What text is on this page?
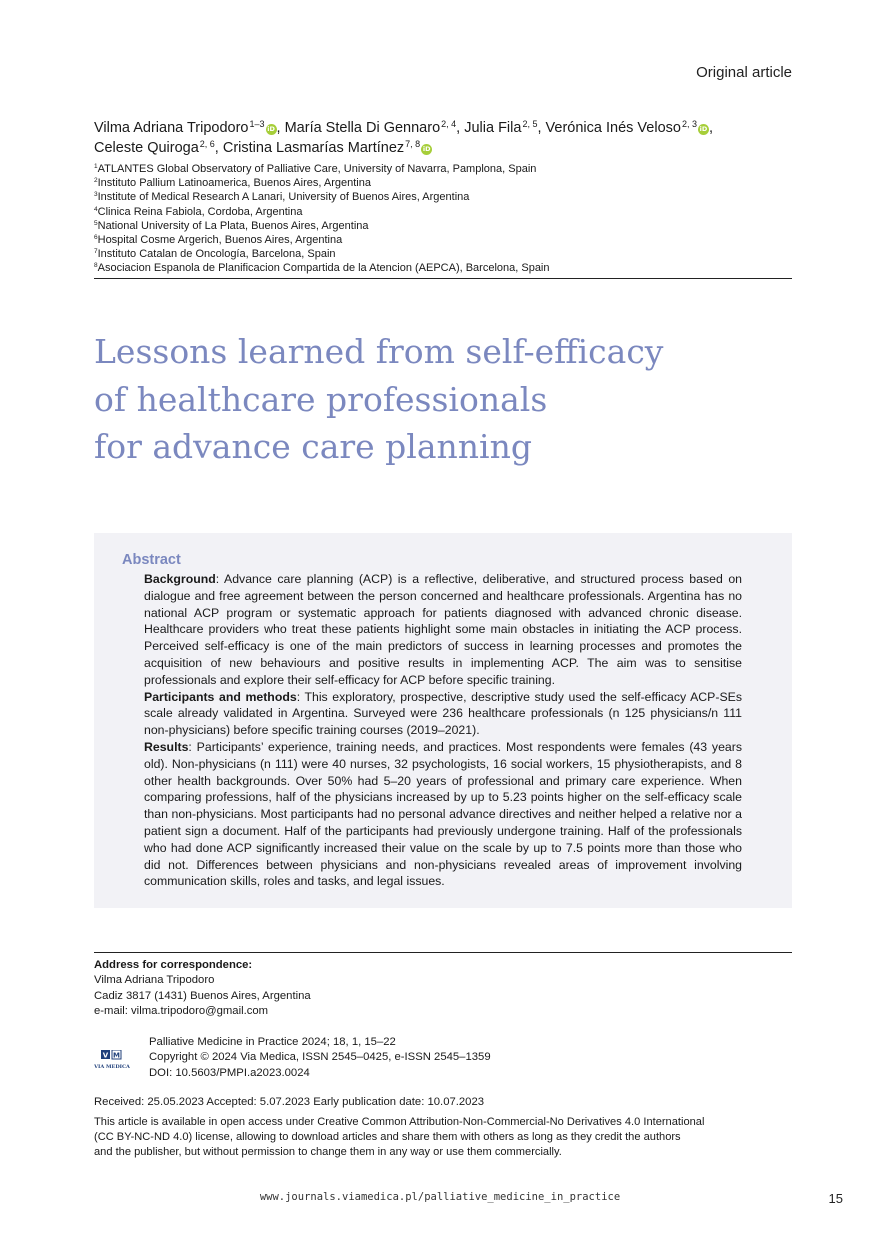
Original article
Vilma Adriana Tripodoro$^{1-3}$ iD , María Stella Di Gennaro$^{2, 4}$, Julia Fila$^{2, 5}$, Verónica Inés Veloso$^{2, 3}$ iD ,
Celeste Quiroga$^{2, 6}$, Cristina Lasmarías Martínez$^{7, 8}$ iD
$^1$ATLANTES Global Observatory of Palliative Care, University of Navarra, Pamplona, Spain
$^2$Instituto Pallium Latinoamerica, Buenos Aires, Argentina
$^3$Institute of Medical Research A Lanari, University of Buenos Aires, Argentina
$^4$Clinica Reina Fabiola, Cordoba, Argentina
$^5$National University of La Plata, Buenos Aires, Argentina
$^6$Hospital Cosme Argerich, Buenos Aires, Argentina
$^7$Instituto Catalan de Oncología, Barcelona, Spain
$^8$Asociacion Espanola de Planificacion Compartida de la Atencion (AEPCA), Barcelona, Spain
Lessons learned from self-efficacy
of healthcare professionals
for advance care planning
Abstract

Background: Advance care planning (ACP) is a reflective, deliberative, and structured process based on dialogue and free agreement between the person concerned and healthcare professionals. Argentina has no national ACP program or systematic approach for patients diagnosed with advanced chronic disease. Healthcare providers who treat these patients highlight some main obstacles in initiating the ACP process. Perceived self-efficacy is one of the main predictors of success in learning processes and promotes the acquisition of new behaviours and positive results in implementing ACP. The aim was to sensitise professionals and explore their self-efficacy for ACP before specific training.

Participants and methods: This exploratory, prospective, descriptive study used the self-efficacy ACP-SEs scale already validated in Argentina. Surveyed were 236 healthcare professionals (n 125 physicians/n 111 non-physicians) before specific training courses (2019–2021).

Results: Participants’ experience, training needs, and practices. Most respondents were females (43 years old). Non-physicians (n 111) were 40 nurses, 32 psychologists, 16 social workers, 15 physiotherapists, and 8 other health backgrounds. Over 50% had 5–20 years of professional and primary care experience. When comparing professions, half of the physicians increased by up to 5.23 points higher on the self-efficacy scale than non-physicians. Most participants had no personal advance directives and neither helped a relative nor a patient sign a document. Half of the participants had previously undergone training. Half of the professionals who had done ACP significantly increased their value on the scale by up to 7.5 points more than those who did not. Differences between physicians and non-physicians revealed areas of improvement involving communication skills, roles and tasks, and legal issues.

Address for correspondence:
Vilma Adriana Tripodoro
Cadiz 3817 (1431) Buenos Aires, Argentina
e-mail: vilma.tripodoro@gmail.com
V M
VIA MEDICA
Palliative Medicine in Practice 2024; 18, 1, 15–22
Copyright © 2024 Via Medica, ISSN 2545–0425, e-ISSN 2545–1359
DOI: 10.5603/PMPI.a2023.0024
Received: 25.05.2023 Accepted: 5.07.2023 Early publication date: 10.07.2023
This article is available in open access under Creative Common Attribution-Non-Commercial-No Derivatives 4.0 International
(CC BY-NC-ND 4.0) license, allowing to download articles and share them with others as long as they credit the authors
and the publisher, but without permission to change them in any way or use them commercially.
www.journals.viamedica.pl/palliative_medicine_in_practice	15
